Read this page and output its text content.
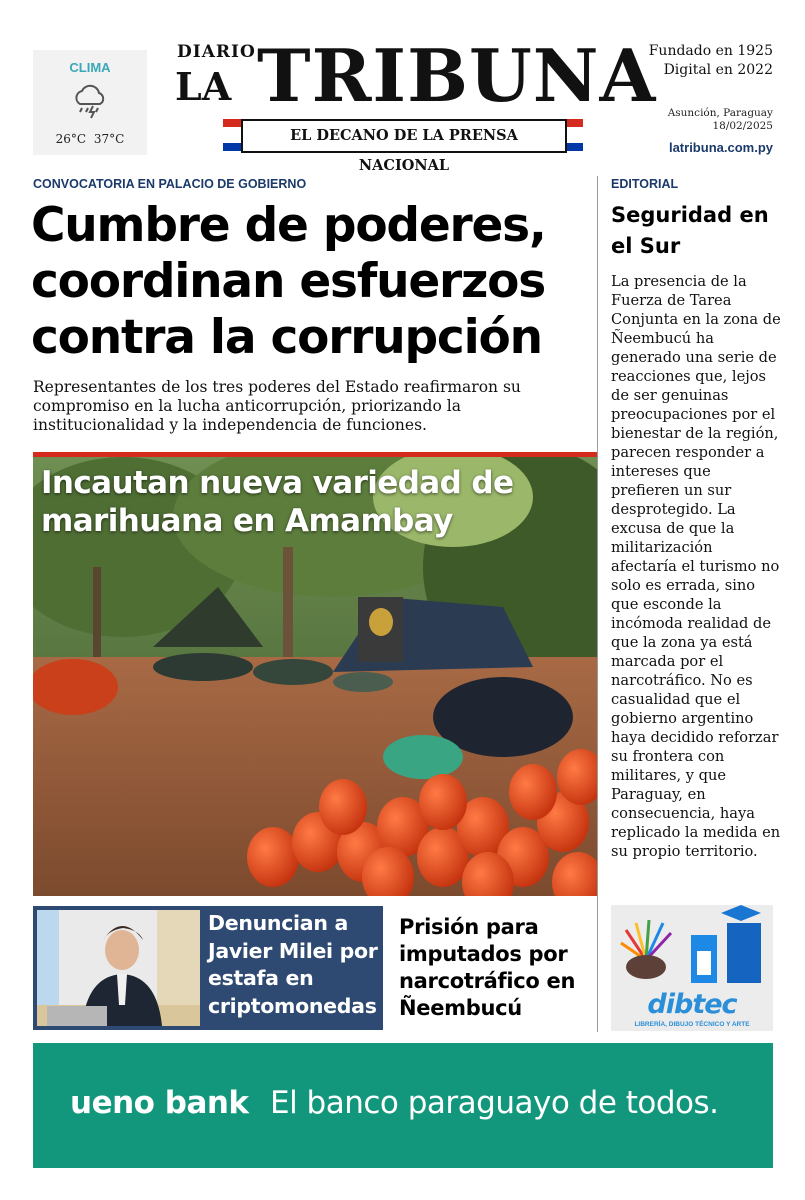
CLIMA
26°C 37°C
DIARIO
LA TRIBUNA
EL DECANO DE LA PRENSA NACIONAL
Fundado en 1925
Digital en 2022
Asunción, Paraguay
18/02/2025
latribuna.com.py
CONVOCATORIA EN PALACIO DE GOBIERNO
Cumbre de poderes, coordinan esfuerzos contra la corrupción
Representantes de los tres poderes del Estado reafirmaron su compromiso en la lucha anticorrupción, priorizando la institucionalidad y la independencia de funciones.
Incautan nueva variedad de marihuana en Amambay
Denuncian a Javier Milei por estafa en criptomonedas
Prisión para imputados por narcotráfico en Ñeembucú
EDITORIAL
Seguridad en el Sur
La presencia de la Fuerza de Tarea Conjunta en la zona de Ñeembucú ha generado una serie de reacciones que, lejos de ser genuinas preocupaciones por el bienestar de la región, parecen responder a intereses que prefieren un sur desprotegido. La excusa de que la militarización afectaría el turismo no solo es errada, sino que esconde la incómoda realidad de que la zona ya está marcada por el narcotráfico. No es casualidad que el gobierno argentino haya decidido reforzar su frontera con militares, y que Paraguay, en consecuencia, haya replicado la medida en su propio territorio.
dibtec
LIBRERÍA, DIBUJO TÉCNICO Y ARTE
ueno bank El banco paraguayo de todos.
